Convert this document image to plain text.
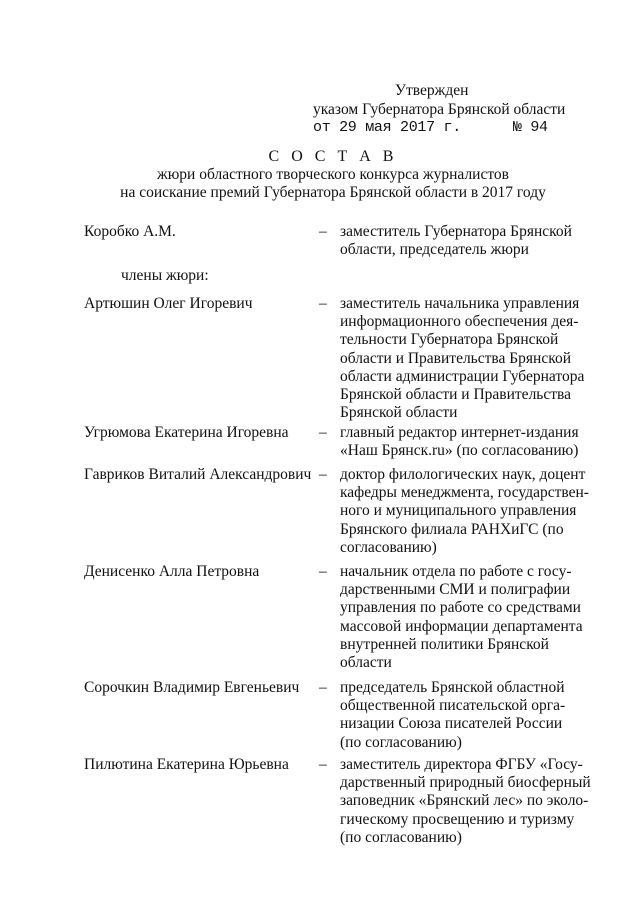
Утвержден
указом Губернатора Брянской области
от 29 мая 2017 г.	№ 94
С О С Т А В
жюри областного творческого конкурса журналистов
на соискание премий Губернатора Брянской области в 2017 году
Коробко А.М.	– заместитель Губернатора Брянской
области, председатель жюри
члены жюри:
Артюшин Олег Игоревич	– заместитель начальника управления
информационного обеспечения дея-
тельности Губернатора Брянской
области и Правительства Брянской
области администрации Губернатора
Брянской области и Правительства
Брянской области
Угрюмова Екатерина Игоревна – главный редактор интернет-издания
«Наш Брянск.ru» (по согласованию)
Гавриков Виталий Александрович – доктор филологических наук, доцент
кафедры менеджмента, государствен-
ного и муниципального управления
Брянского филиала РАНХиГС (по
согласованию)
Денисенко Алла Петровна	– начальник отдела по работе с госу-
дарственными СМИ и полиграфии
управления по работе со средствами
массовой информации департамента
внутренней политики Брянской
области
Сорочкин Владимир Евгеньевич – председатель Брянской областной
общественной писательской орга-
низации Союза писателей России
(по согласованию)
Пилютина Екатерина Юрьевна – заместитель директора ФГБУ «Госу-
дарственный природный биосферный
заповедник «Брянский лес» по эколо-
гическому просвещению и туризму
(по согласованию)
